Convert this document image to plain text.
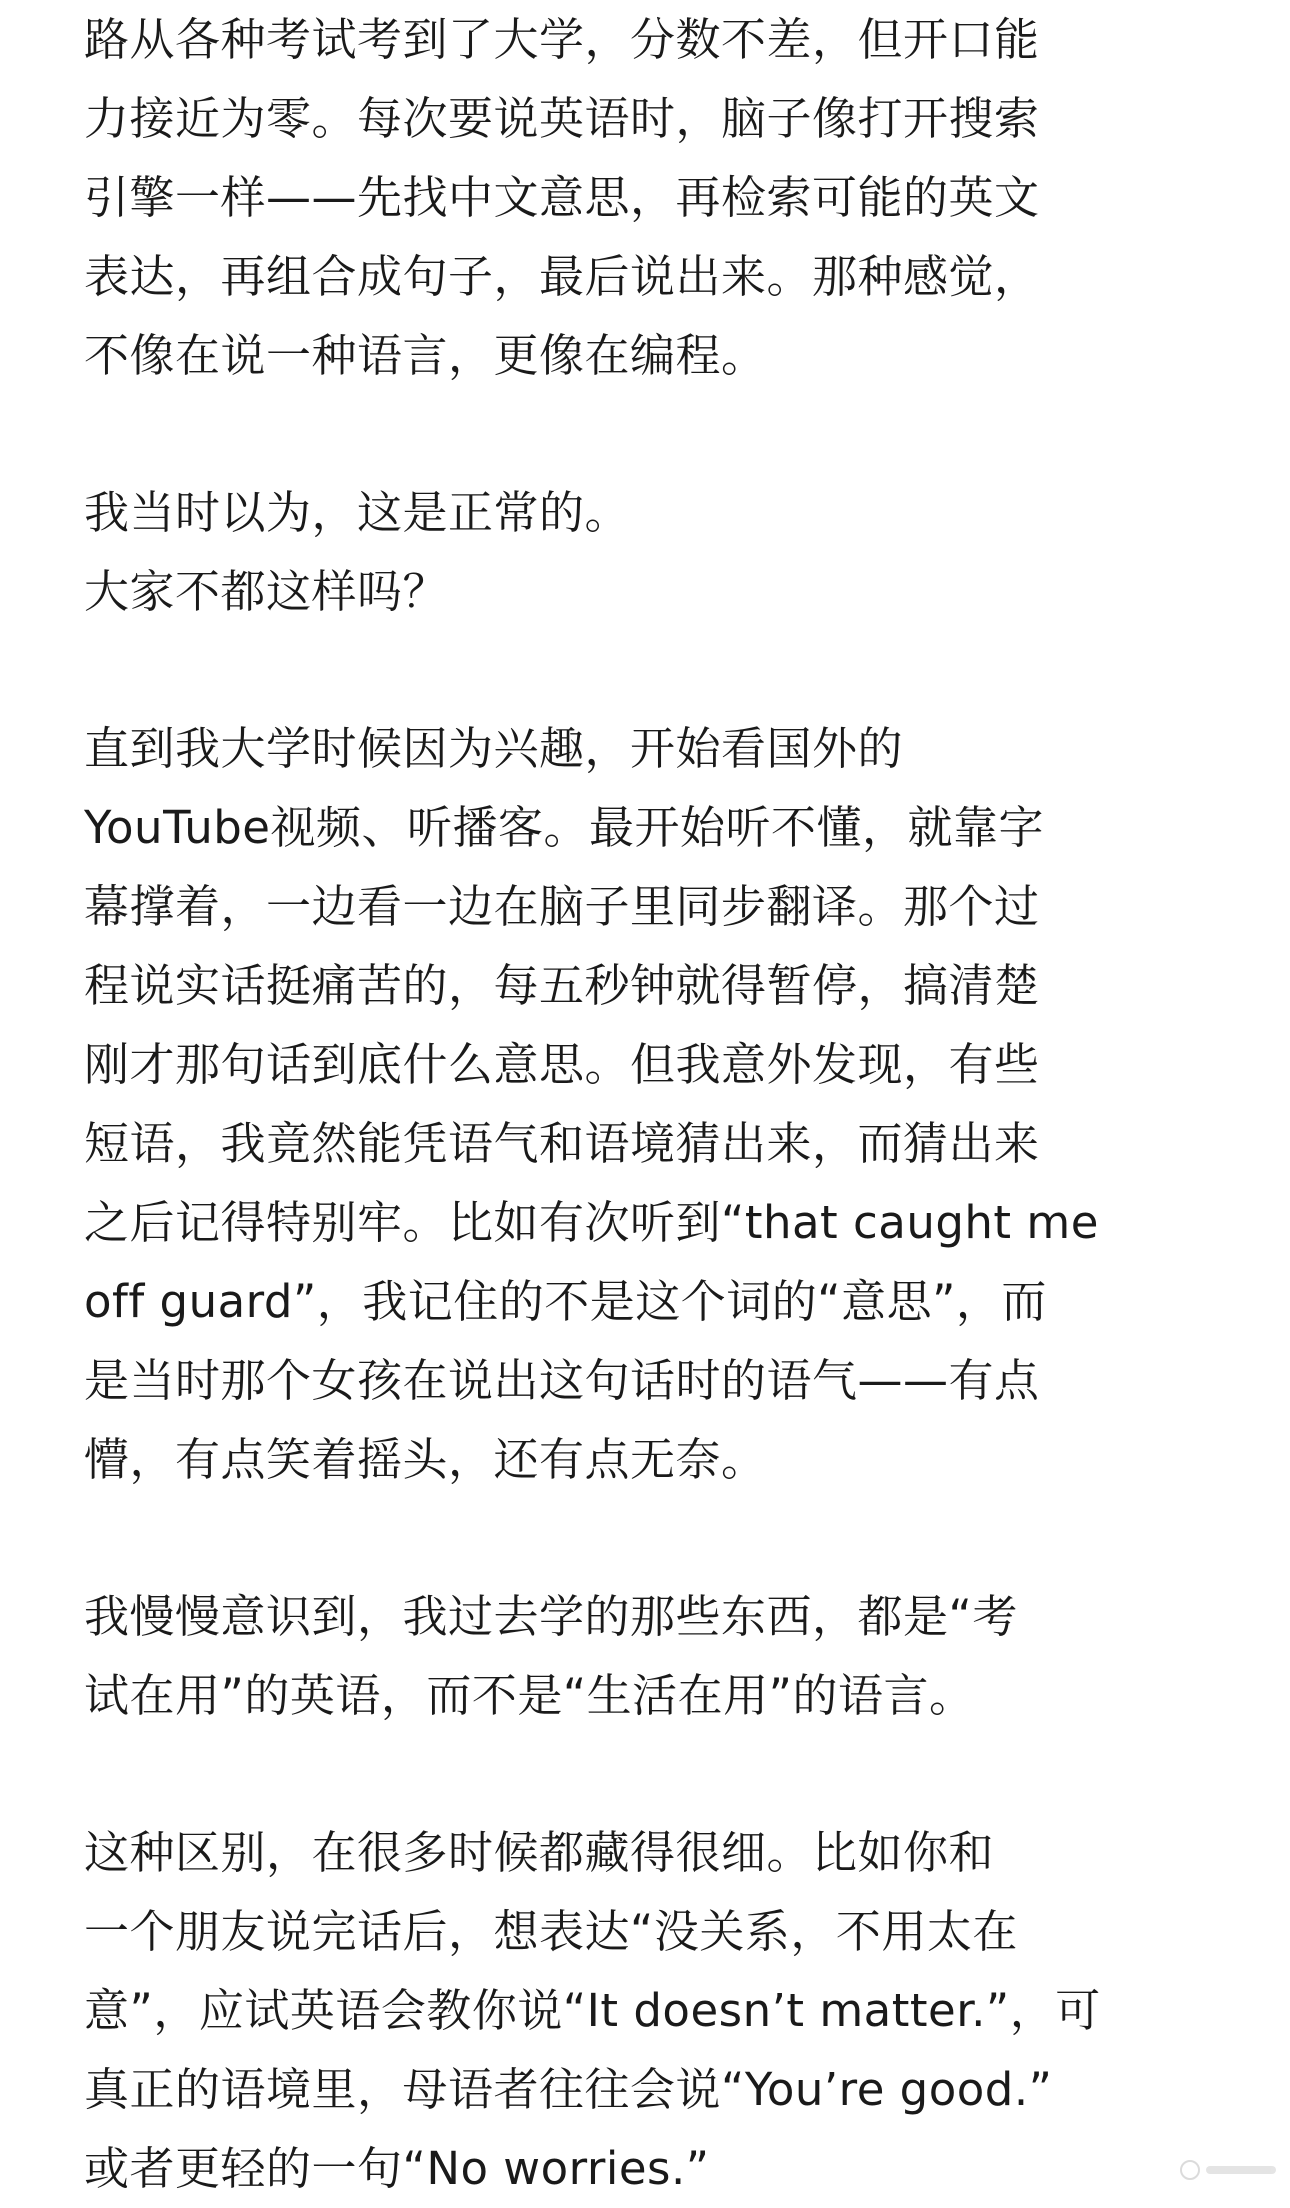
路从各种考试考到了大学，分数不差，但开口能
力接近为零。每次要说英语时，脑子像打开搜索
引擎一样——先找中文意思，再检索可能的英文
表达，再组合成句子，最后说出来。那种感觉，
不像在说一种语言，更像在编程。
我当时以为，这是正常的。
大家不都这样吗？
直到我大学时候因为兴趣，开始看国外的
YouTube视频、听播客。最开始听不懂，就靠字
幕撑着，一边看一边在脑子里同步翻译。那个过
程说实话挺痛苦的，每五秒钟就得暂停，搞清楚
刚才那句话到底什么意思。但我意外发现，有些
短语，我竟然能凭语气和语境猜出来，而猜出来
之后记得特别牢。比如有次听到“that caught me
off guard”，我记住的不是这个词的“意思”，而
是当时那个女孩在说出这句话时的语气——有点
懵，有点笑着摇头，还有点无奈。
我慢慢意识到，我过去学的那些东西，都是“考
试在用”的英语，而不是“生活在用”的语言。
这种区别，在很多时候都藏得很细。比如你和
一个朋友说完话后，想表达“没关系，不用太在
意”，应试英语会教你说“It doesn’t matter.”，可
真正的语境里，母语者往往会说“You’re good.”
或者更轻的一句“No worries.”
